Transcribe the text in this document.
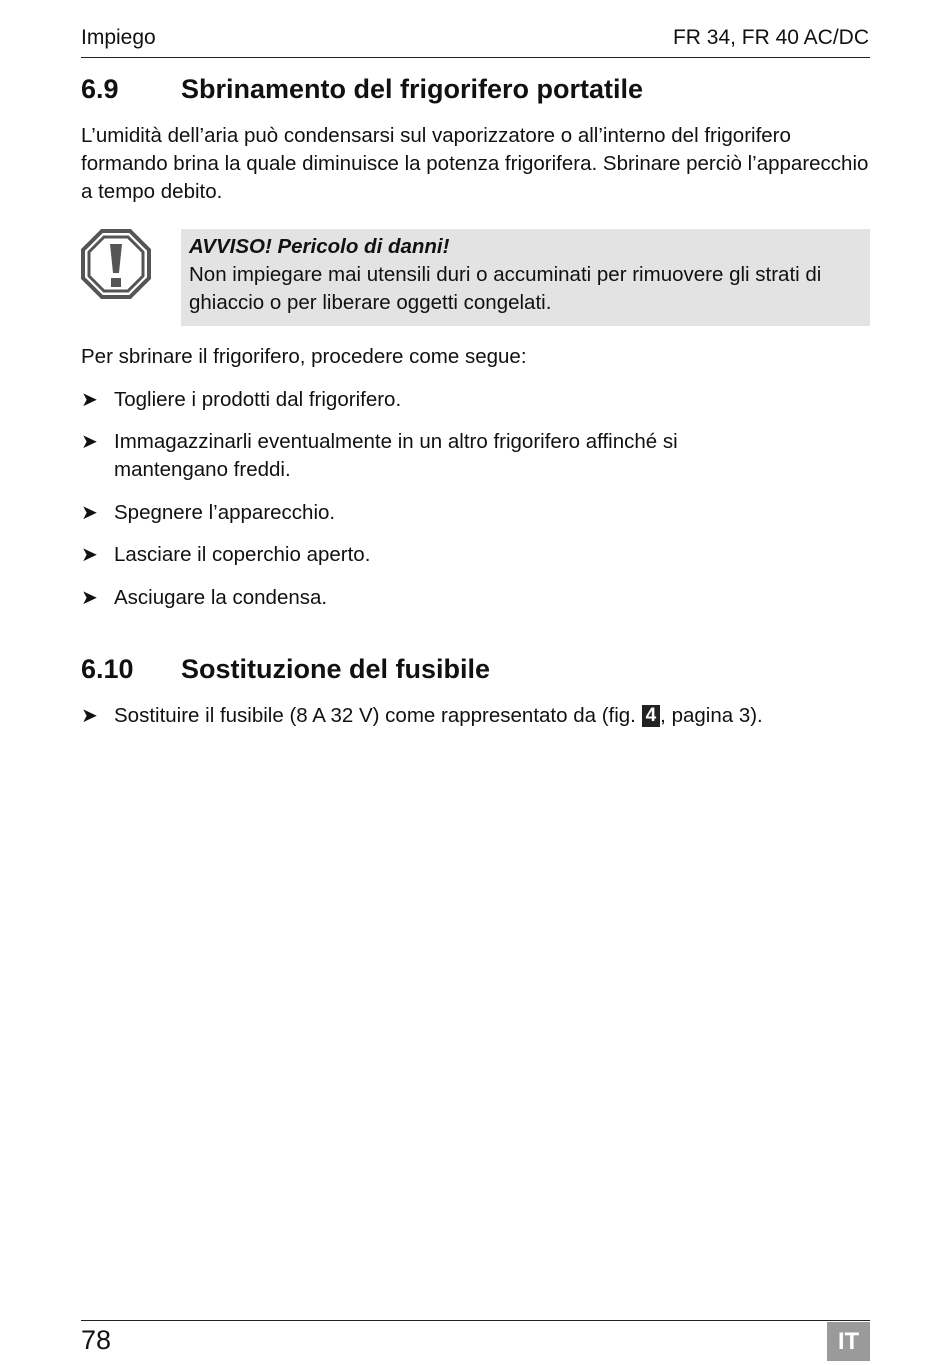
Impiego	FR 34, FR 40 AC/DC
6.9 Sbrinamento del frigorifero portatile
L’umidità dell’aria può condensarsi sul vaporizzatore o all’interno del frigorifero formando brina la quale diminuisce la potenza frigorifera. Sbrinare perciò l’apparecchio a tempo debito.
AVVISO! Pericolo di danni!
Non impiegare mai utensili duri o accuminati per rimuovere gli strati di ghiaccio o per liberare oggetti congelati.
Per sbrinare il frigorifero, procedere come segue:
➤ Togliere i prodotti dal frigorifero.
➤ Immagazzinarli eventualmente in un altro frigorifero affinché si mantengano freddi.
➤ Spegnere l’apparecchio.
➤ Lasciare il coperchio aperto.
➤ Asciugare la condensa.
6.10 Sostituzione del fusibile
➤ Sostituire il fusibile (8 A 32 V) come rappresentato da (fig. 4 , pagina 3).
78	IT
